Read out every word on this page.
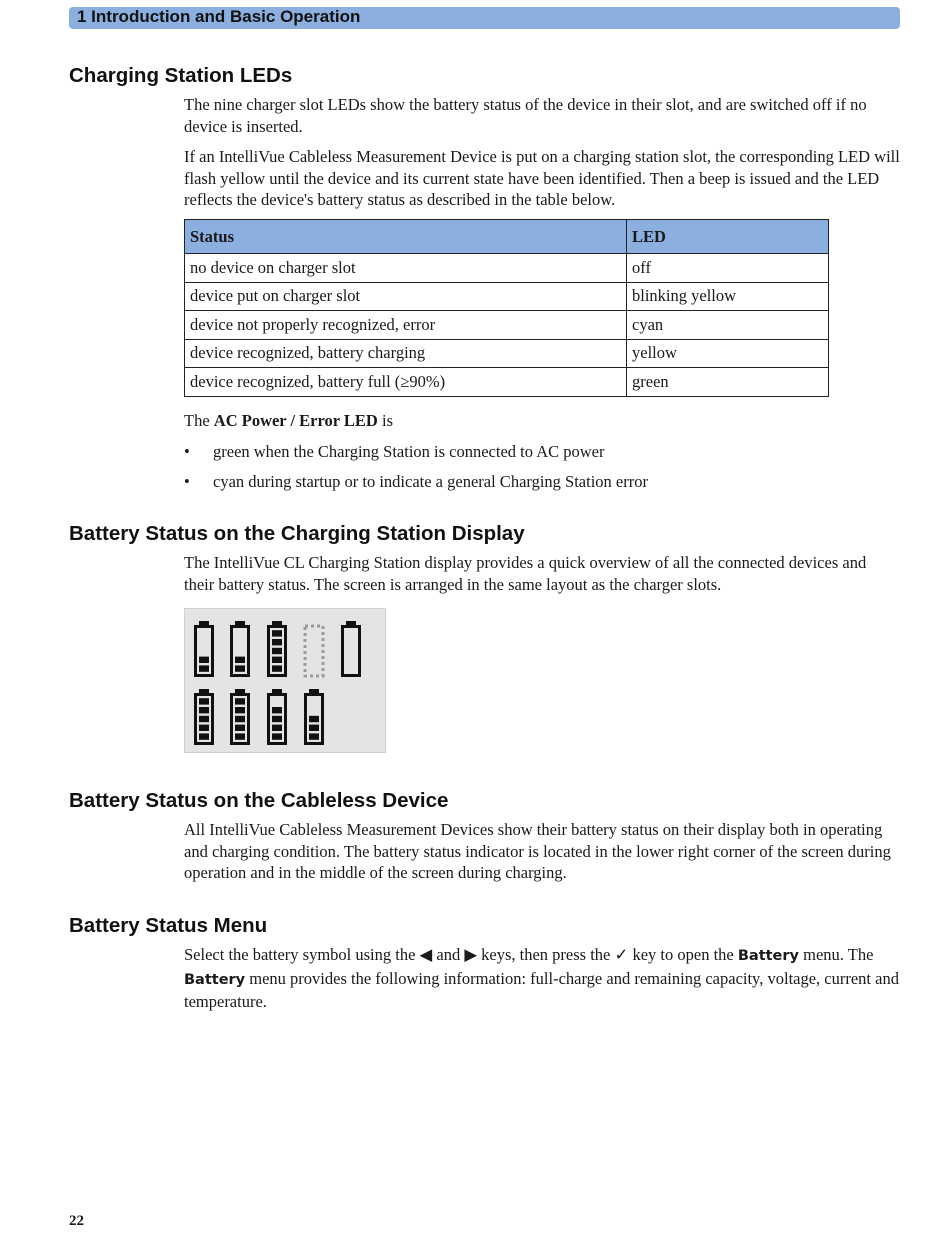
1 Introduction and Basic Operation
Charging Station LEDs

The nine charger slot LEDs show the battery status of the device in their slot, and are switched off if no device is inserted.

If an IntelliVue Cableless Measurement Device is put on a charging station slot, the corresponding LED will flash yellow until the device and its current state have been identified. Then a beep is issued and the LED reflects the device's battery status as described in the table below.

Status	LED
no device on charger slot	off
device put on charger slot	blinking yellow
device not properly recognized, error	cyan
device recognized, battery charging	yellow
device recognized, battery full (≥90%)	green

The AC Power / Error LED is

• green when the Charging Station is connected to AC power
• cyan during startup or to indicate a general Charging Station error
Battery Status on the Charging Station Display

The IntelliVue CL Charging Station display provides a quick overview of all the connected devices and their battery status. The screen is arranged in the same layout as the charger slots.

Battery Status on the Cableless Device

All IntelliVue Cableless Measurement Devices show their battery status on their display both in operating and charging condition. The battery status indicator is located in the lower right corner of the screen during operation and in the middle of the screen during charging.

Battery Status Menu

Select the battery symbol using the ◀ and ▶ keys, then press the ✓ key to open the Battery menu. The Battery menu provides the following information: full-charge and remaining capacity, voltage, current and temperature.

22
